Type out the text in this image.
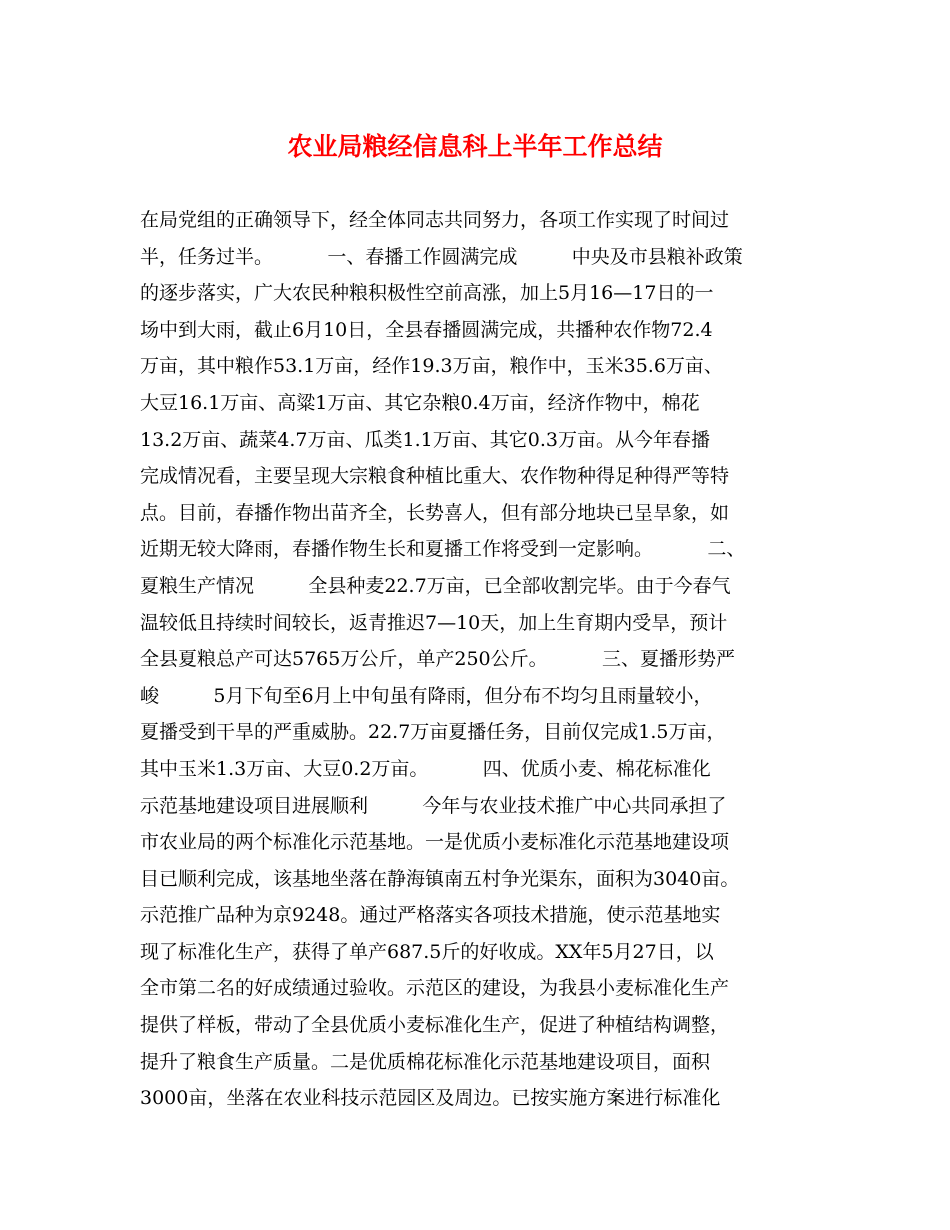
农业局粮经信息科上半年工作总结
在局党组的正确领导下，经全体同志共同努力，各项工作实现了时间过
半，任务过半。         一、春播工作圆满完成         中央及市县粮补政策
的逐步落实，广大农民种粮积极性空前高涨，加上5月16—17日的一
场中到大雨，截止6月10日，全县春播圆满完成，共播种农作物72.4
万亩，其中粮作53.1万亩，经作19.3万亩，粮作中，玉米35.6万亩、
大豆16.1万亩、高粱1万亩、其它杂粮0.4万亩，经济作物中，棉花
13.2万亩、蔬菜4.7万亩、瓜类1.1万亩、其它0.3万亩。从今年春播
完成情况看，主要呈现大宗粮食种植比重大、农作物种得足种得严等特
点。目前，春播作物出苗齐全，长势喜人，但有部分地块已呈旱象，如
近期无较大降雨，春播作物生长和夏播工作将受到一定影响。         二、
夏粮生产情况         全县种麦22.7万亩，已全部收割完毕。由于今春气
温较低且持续时间较长，返青推迟7—10天，加上生育期内受旱，预计
全县夏粮总产可达5765万公斤，单产250公斤。         三、夏播形势严
峻         5月下旬至6月上中旬虽有降雨，但分布不均匀且雨量较小，
夏播受到干旱的严重威胁。22.7万亩夏播任务，目前仅完成1.5万亩，
其中玉米1.3万亩、大豆0.2万亩。         四、优质小麦、棉花标准化
示范基地建设项目进展顺利         今年与农业技术推广中心共同承担了
市农业局的两个标准化示范基地。一是优质小麦标准化示范基地建设项
目已顺利完成，该基地坐落在静海镇南五村争光渠东，面积为3040亩。
示范推广品种为京9248。通过严格落实各项技术措施，使示范基地实
现了标准化生产，获得了单产687.5斤的好收成。XX年5月27日，以
全市第二名的好成绩通过验收。示范区的建设，为我县小麦标准化生产
提供了样板，带动了全县优质小麦标准化生产，促进了种植结构调整，
提升了粮食生产质量。二是优质棉花标准化示范基地建设项目，面积
3000亩，坐落在农业科技示范园区及周边。已按实施方案进行标准化
